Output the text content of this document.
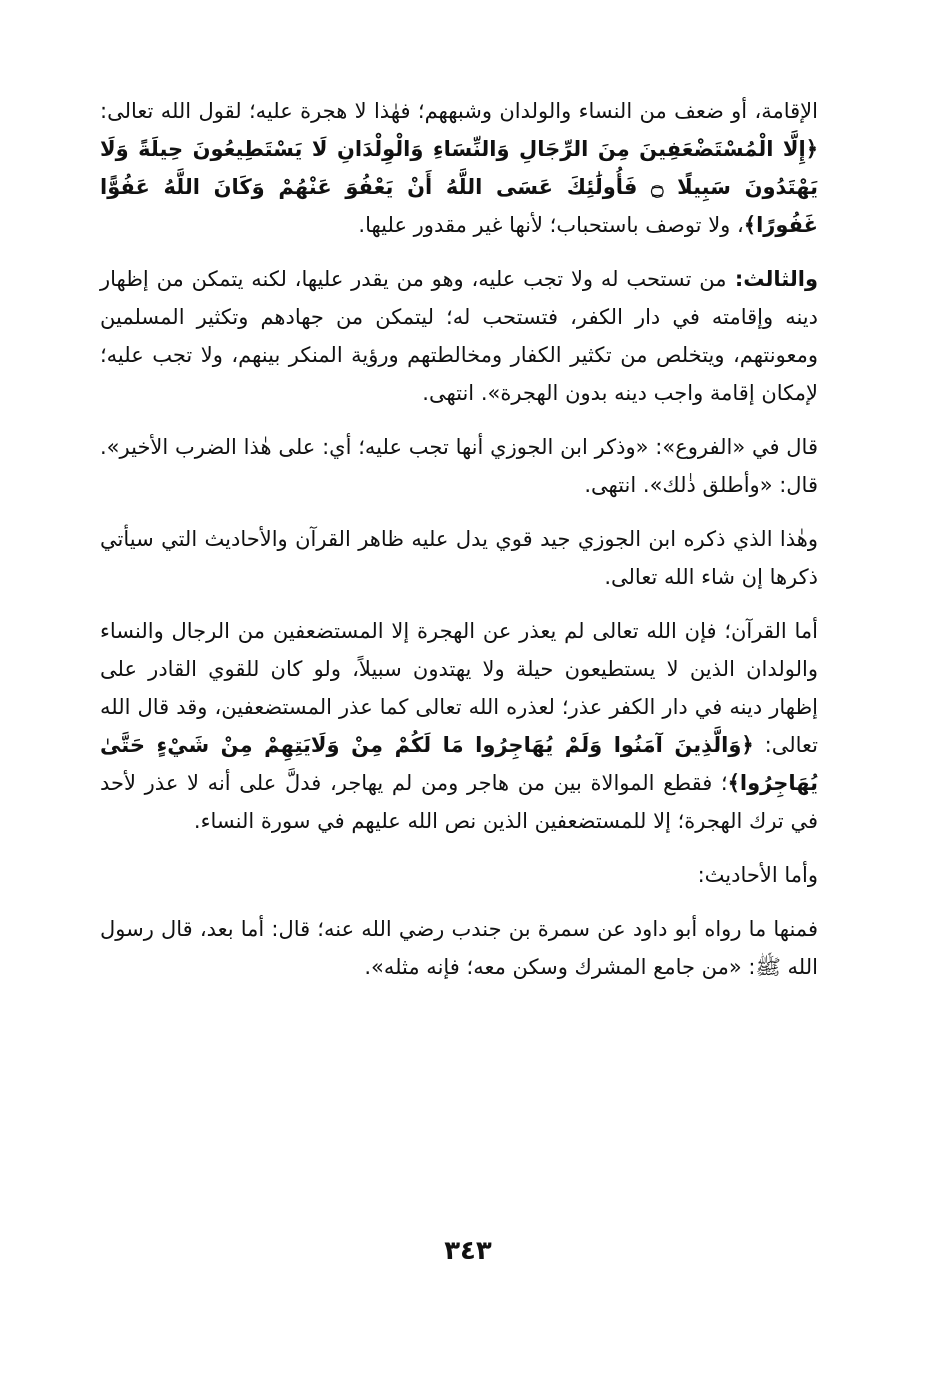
الإقامة، أو ضعف من النساء والولدان وشبههم؛ فهٰذا لا هجرة عليه؛ لقول الله تعالى: ﴿إِلَّا الْمُسْتَضْعَفِينَ مِنَ الرِّجَالِ وَالنِّسَاءِ وَالْوِلْدَانِ لَا يَسْتَطِيعُونَ حِيلَةً وَلَا يَهْتَدُونَ سَبِيلًا ۝ فَأُولَٰئِكَ عَسَى اللَّهُ أَنْ يَعْفُوَ عَنْهُمْ وَكَانَ اللَّهُ عَفُوًّا غَفُورًا﴾، ولا توصف باستحباب؛ لأنها غير مقدور عليها.

والثالث: من تستحب له ولا تجب عليه، وهو من يقدر عليها، لكنه يتمكن من إظهار دينه وإقامته في دار الكفر، فتستحب له؛ ليتمكن من جهادهم وتكثير المسلمين ومعونتهم، ويتخلص من تكثير الكفار ومخالطتهم ورؤية المنكر بينهم، ولا تجب عليه؛ لإمكان إقامة واجب دينه بدون الهجرة». انتهى.

قال في «الفروع»: «وذكر ابن الجوزي أنها تجب عليه؛ أي: على هٰذا الضرب الأخير». قال: «وأطلق ذٰلك». انتهى.

وهٰذا الذي ذكره ابن الجوزي جيد قوي يدل عليه ظاهر القرآن والأحاديث التي سيأتي ذكرها إن شاء الله تعالى.

أما القرآن؛ فإن الله تعالى لم يعذر عن الهجرة إلا المستضعفين من الرجال والنساء والولدان الذين لا يستطيعون حيلة ولا يهتدون سبيلاً، ولو كان للقوي القادر على إظهار دينه في دار الكفر عذر؛ لعذره الله تعالى كما عذر المستضعفين، وقد قال الله تعالى: ﴿وَالَّذِينَ آمَنُوا وَلَمْ يُهَاجِرُوا مَا لَكُمْ مِنْ وَلَايَتِهِمْ مِنْ شَيْءٍ حَتَّىٰ يُهَاجِرُوا﴾؛ فقطع الموالاة بين من هاجر ومن لم يهاجر، فدلَّ على أنه لا عذر لأحد في ترك الهجرة؛ إلا للمستضعفين الذين نص الله عليهم في سورة النساء.

وأما الأحاديث:

فمنها ما رواه أبو داود عن سمرة بن جندب رضي الله عنه؛ قال: أما بعد، قال رسول الله ﷺ: «من جامع المشرك وسكن معه؛ فإنه مثله».

٣٤٣
